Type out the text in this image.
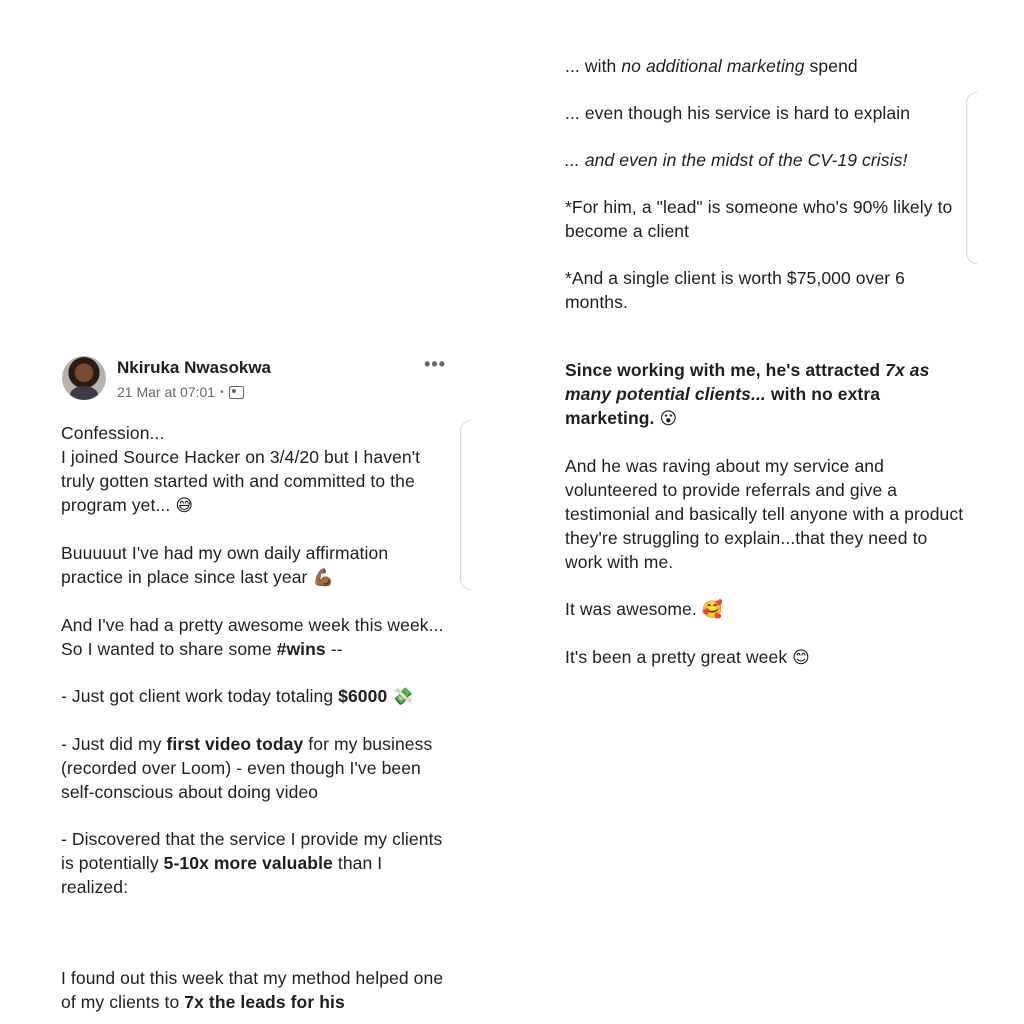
... with no additional marketing spend

... even though his service is hard to explain

... and even in the midst of the CV-19 crisis!

*For him, a "lead" is someone who's 90% likely to become a client

*And a single client is worth $75,000 over 6 months.

Since working with me, he's attracted 7x as many potential clients... with no extra marketing. 😮

And he was raving about my service and volunteered to provide referrals and give a testimonial and basically tell anyone with a product they're struggling to explain...that they need to work with me.

It was awesome. 🥰

It's been a pretty great week 😊

Nkiruka Nwasokwa
21 Mar at 07:01 •
•••

Confession...

I joined Source Hacker on 3/4/20 but I haven't truly gotten started with and committed to the program yet... 😅

Buuuuut I've had my own daily affirmation practice in place since last year 💪🏾

And I've had a pretty awesome week this week...

So I wanted to share some #wins --

- Just got client work today totaling $6000 💸

- Just did my first video today for my business (recorded over Loom) - even though I've been self-conscious about doing video

- Discovered that the service I provide my clients is potentially 5-10x more valuable than I realized:

I found out this week that my method helped one of my clients to 7x the leads for his
